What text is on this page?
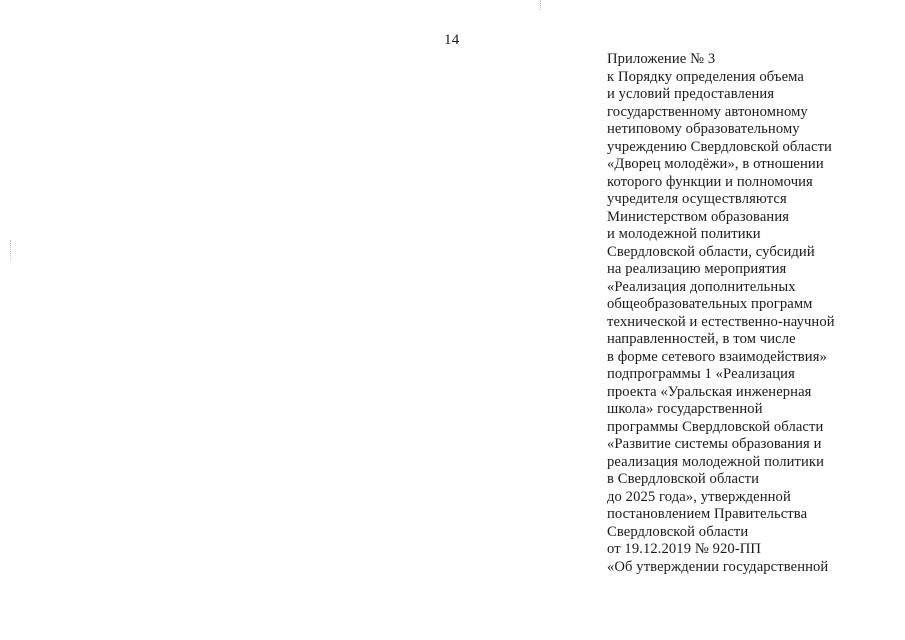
14
Приложение № 3
к Порядку определения объема
и условий предоставления
государственному автономному
нетиповому образовательному
учреждению Свердловской области
«Дворец молодёжи», в отношении
которого функции и полномочия
учредителя осуществляются
Министерством образования
и молодежной политики
Свердловской области, субсидий
на реализацию мероприятия
«Реализация дополнительных
общеобразовательных программ
технической и естественно-научной
направленностей, в том числе
в форме сетевого взаимодействия»
подпрограммы 1 «Реализация
проекта «Уральская инженерная
школа» государственной
программы Свердловской области
«Развитие системы образования и
реализация молодежной политики
в Свердловской области
до 2025 года», утвержденной
постановлением Правительства
Свердловской области
от 19.12.2019 № 920-ПП
«Об утверждении государственной
